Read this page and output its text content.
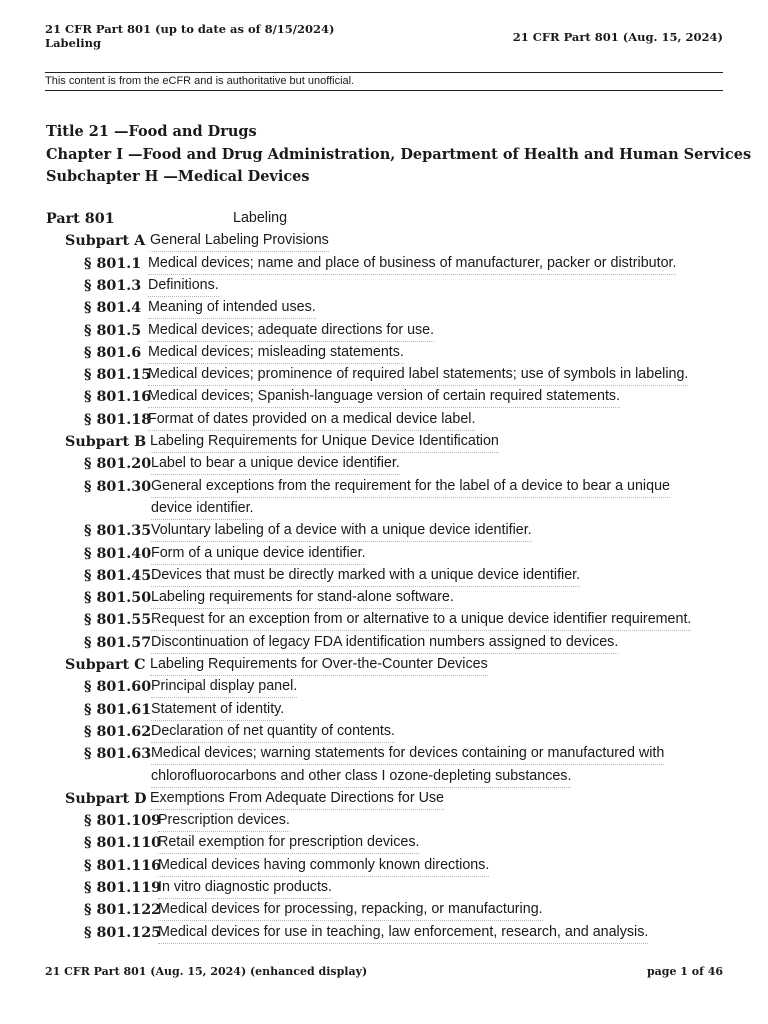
21 CFR Part 801 (up to date as of 8/15/2024)
Labeling	21 CFR Part 801 (Aug. 15, 2024)
This content is from the eCFR and is authoritative but unofficial.
Title 21 —Food and Drugs
Chapter I —Food and Drug Administration, Department of Health and Human Services
Subchapter H —Medical Devices
Part 801	Labeling
Subpart A General Labeling Provisions
§ 801.1 Medical devices; name and place of business of manufacturer, packer or distributor.
§ 801.3 Definitions.
§ 801.4 Meaning of intended uses.
§ 801.5 Medical devices; adequate directions for use.
§ 801.6 Medical devices; misleading statements.
§ 801.15
Medical devices; prominence of required label statements; use of symbols in labeling.
§ 801.16
Medical devices; Spanish-language version of certain required statements.
§ 801.18
Format of dates provided on a medical device label.
Subpart B Labeling Requirements for Unique Device Identification
§ 801.20 Label to bear a unique device identifier.
§ 801.30 General exceptions from the requirement for the label of a device to bear a unique
device identifier.
§ 801.35 Voluntary labeling of a device with a unique device identifier.
§ 801.40 Form of a unique device identifier.
§ 801.45 Devices that must be directly marked with a unique device identifier.
§ 801.50 Labeling requirements for stand-alone software.
§ 801.55 Request for an exception from or alternative to a unique device identifier requirement.
§ 801.57 Discontinuation of legacy FDA identification numbers assigned to devices.
Subpart C Labeling Requirements for Over-the-Counter Devices
§ 801.60 Principal display panel.
§ 801.61 Statement of identity.
§ 801.62 Declaration of net quantity of contents.
§ 801.63 Medical devices; warning statements for devices containing or manufactured with
chlorofluorocarbons and other class I ozone-depleting substances.
Subpart D Exemptions From Adequate Directions for Use
§ 801.109
Prescription devices.
§ 801.110
Retail exemption for prescription devices.
§ 801.116
Medical devices having commonly known directions.
§ 801.119
In vitro diagnostic products.
§ 801.122
Medical devices for processing, repacking, or manufacturing.
§ 801.125
Medical devices for use in teaching, law enforcement, research, and analysis.
21 CFR Part 801 (Aug. 15, 2024) (enhanced display)	page 1 of 46
